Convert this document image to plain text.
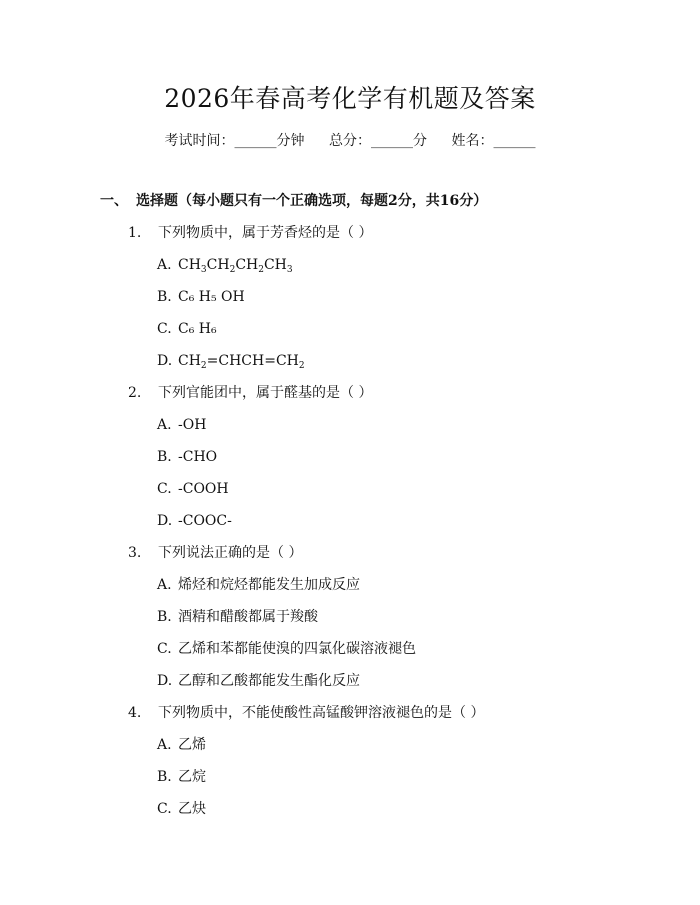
2026年春高考化学有机题及答案
考试时间：______分钟 总分：______分 姓名：______
一、 选择题（每小题只有一个正确选项，每题2分，共16分）
1. 下列物质中，属于芳香烃的是（ ）
A. $CH_3CH_2CH_2CH_3$
B. C₆ H₅ OH
C. C₆ H₆
D. $CH_2=CHCH=CH_2$
2. 下列官能团中，属于醛基的是（ ）
A. -OH
B. -CHO
C. -COOH
D. -COOC-
3. 下列说法正确的是（ ）
A. 烯烃和烷烃都能发生加成反应
B. 酒精和醋酸都属于羧酸
C. 乙烯和苯都能使溴的四氯化碳溶液褪色
D. 乙醇和乙酸都能发生酯化反应
4. 下列物质中，不能使酸性高锰酸钾溶液褪色的是（ ）
A. 乙烯
B. 乙烷
C. 乙炔
